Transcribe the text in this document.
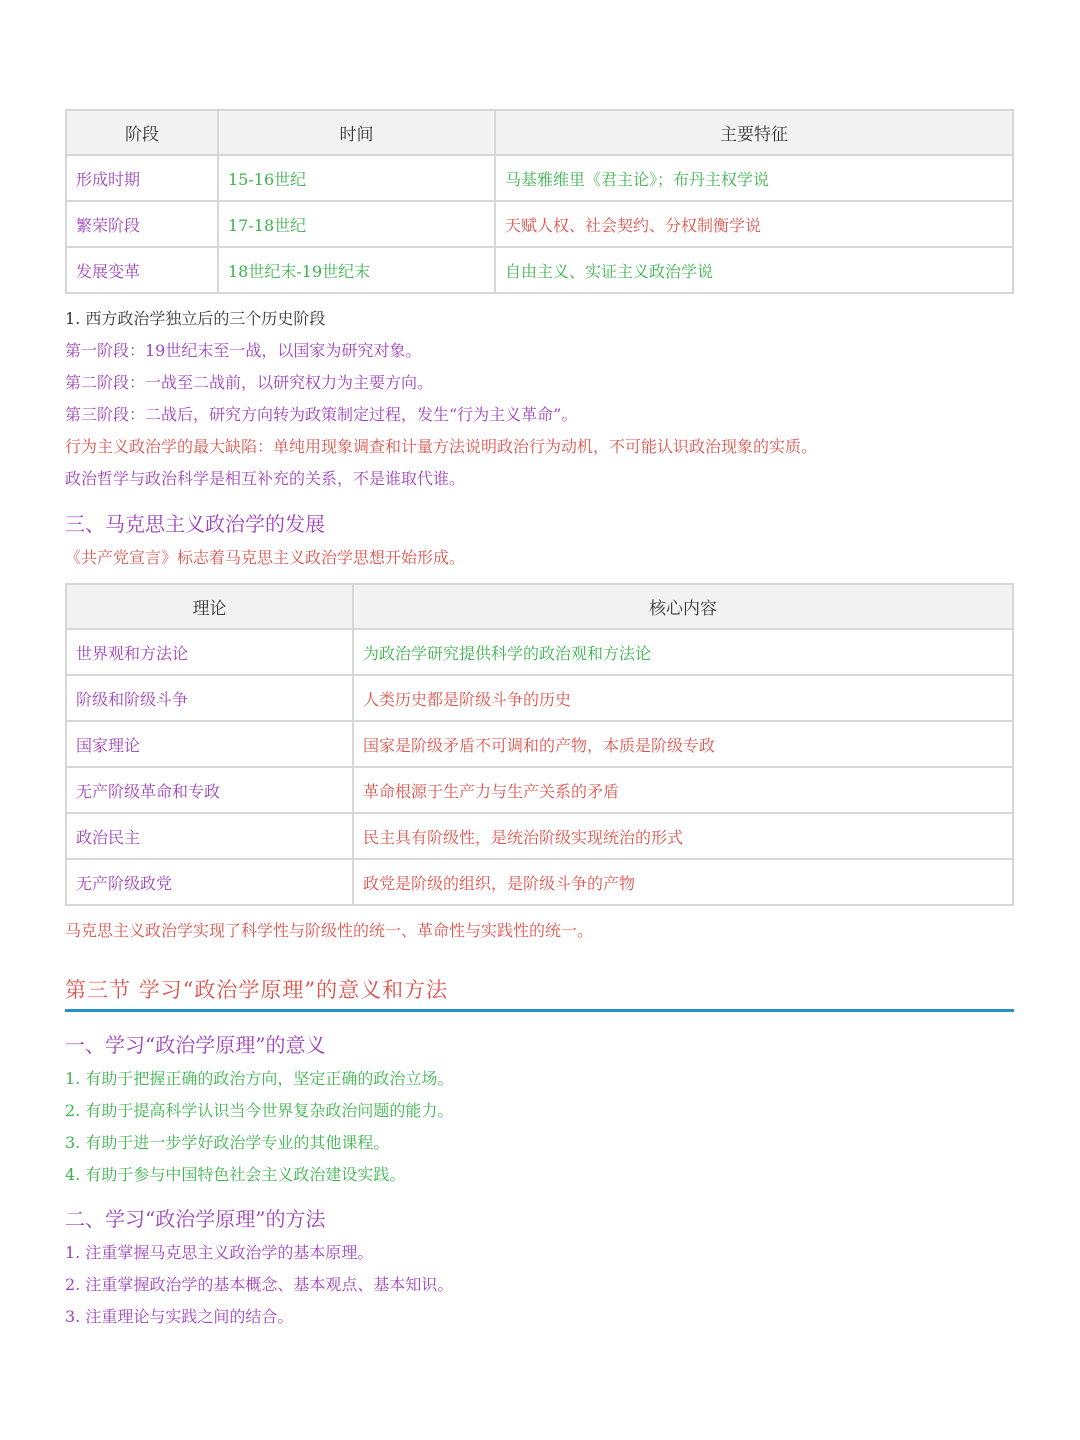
阶段	时间	主要特征
形成时期	15-16世纪	马基雅维里《君主论》；布丹主权学说
繁荣阶段	17-18世纪	天赋人权、社会契约、分权制衡学说
发展变革	18世纪末-19世纪末	自由主义、实证主义政治学说
1. 西方政治学独立后的三个历史阶段
第一阶段：19世纪末至一战，以国家为研究对象。
第二阶段：一战至二战前，以研究权力为主要方向。
第三阶段：二战后，研究方向转为政策制定过程，发生“行为主义革命”。
行为主义政治学的最大缺陷：单纯用现象调查和计量方法说明政治行为动机，不可能认识政治现象的实质。
政治哲学与政治科学是相互补充的关系，不是谁取代谁。
三、马克思主义政治学的发展
《共产党宣言》标志着马克思主义政治学思想开始形成。
理论	核心内容
世界观和方法论	为政治学研究提供科学的政治观和方法论
阶级和阶级斗争	人类历史都是阶级斗争的历史
国家理论	国家是阶级矛盾不可调和的产物，本质是阶级专政
无产阶级革命和专政	革命根源于生产力与生产关系的矛盾
政治民主	民主具有阶级性，是统治阶级实现统治的形式
无产阶级政党	政党是阶级的组织，是阶级斗争的产物
马克思主义政治学实现了科学性与阶级性的统一、革命性与实践性的统一。
第三节 学习“政治学原理”的意义和方法
一、学习“政治学原理”的意义
1. 有助于把握正确的政治方向，坚定正确的政治立场。
2. 有助于提高科学认识当今世界复杂政治问题的能力。
3. 有助于进一步学好政治学专业的其他课程。
4. 有助于参与中国特色社会主义政治建设实践。
二、学习“政治学原理”的方法
1. 注重掌握马克思主义政治学的基本原理。
2. 注重掌握政治学的基本概念、基本观点、基本知识。
3. 注重理论与实践之间的结合。
